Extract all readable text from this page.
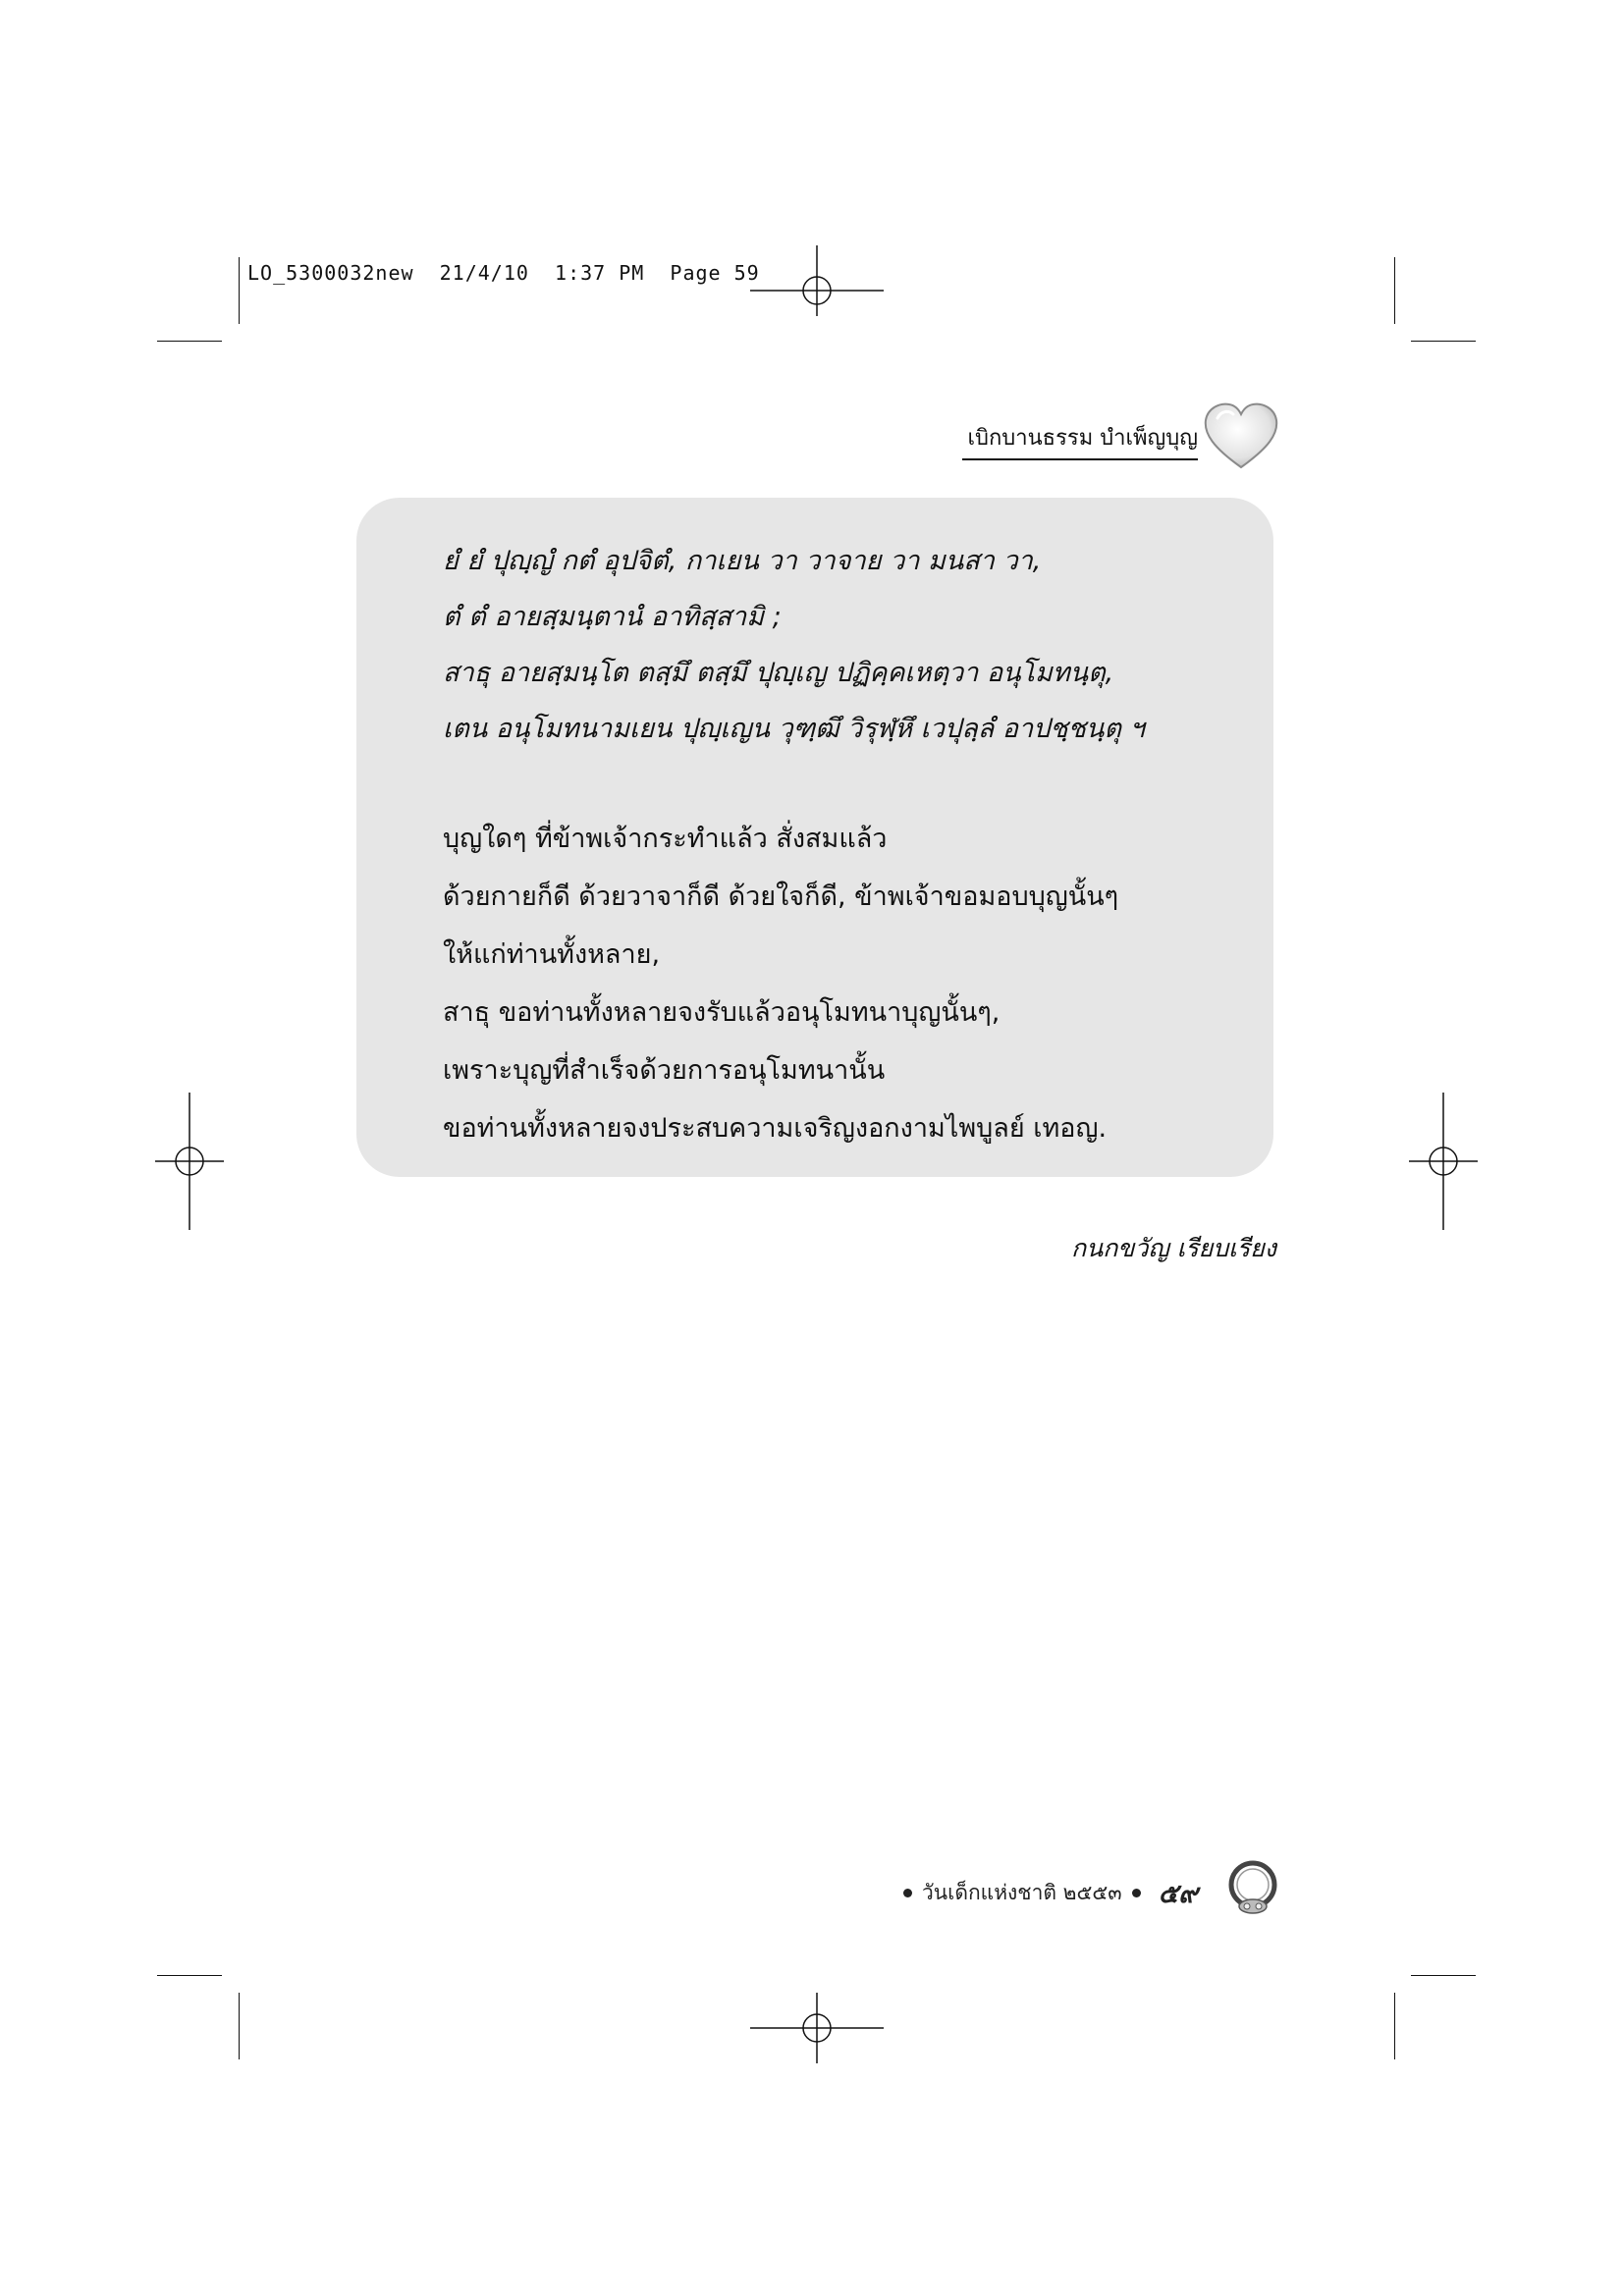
LO_5300032new 21/4/10 1:37 PM Page 59
เบิกบานธรรม บำเพ็ญบุญ
ยํ ยํ ปุญฺญํ กตํ อุปจิตํ, กาเยน วา วาจาย วา มนสา วา,
ตํ ตํ อายสฺมนฺตานํ อาทิสฺสามิ ;
สาธุ อายสฺมนฺโต ตสฺมึ ตสฺมึ ปุญฺเญ ปฏิคฺคเหตฺวา อนุโมทนฺตุ,
เตน อนุโมทนามเยน ปุญฺเญน วุฑฺฒึ วิรุฬฺหึ เวปุลฺลํ อาปชฺชนฺตุ ฯ
บุญใดๆ ที่ข้าพเจ้ากระทำแล้ว สั่งสมแล้ว
ด้วยกายก็ดี ด้วยวาจาก็ดี ด้วยใจก็ดี, ข้าพเจ้าขอมอบบุญนั้นๆ
ให้แก่ท่านทั้งหลาย,
สาธุ ขอท่านทั้งหลายจงรับแล้วอนุโมทนาบุญนั้นๆ,
เพราะบุญที่สำเร็จด้วยการอนุโมทนานั้น
ขอท่านทั้งหลายจงประสบความเจริญงอกงามไพบูลย์ เทอญ.
กนกขวัญ เรียบเรียง
วันเด็กแห่งชาติ ๒๕๕๓ ๕๙
